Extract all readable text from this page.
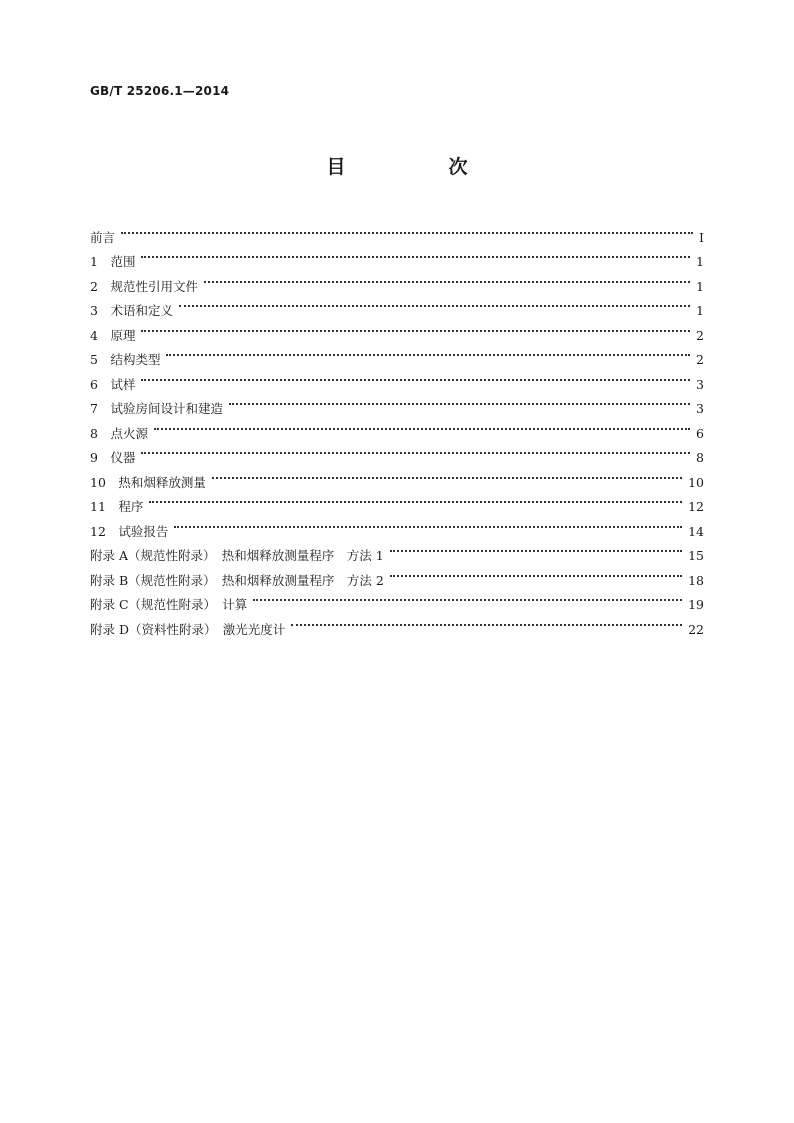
GB/T 25206.1—2014
目　次
前言	Ⅰ
1　范围	1
2　规范性引用文件	1
3　术语和定义	1
4　原理	2
5　结构类型	2
6　试样	3
7　试验房间设计和建造	3
8　点火源	6
9　仪器	8
10　热和烟释放测量	10
11　程序	12
12　试验报告	14
附录 A（规范性附录）　热和烟释放测量程序　方法 1	15
附录 B（规范性附录）　热和烟释放测量程序　方法 2	18
附录 C（规范性附录）　计算	19
附录 D（资料性附录）　激光光度计	22
